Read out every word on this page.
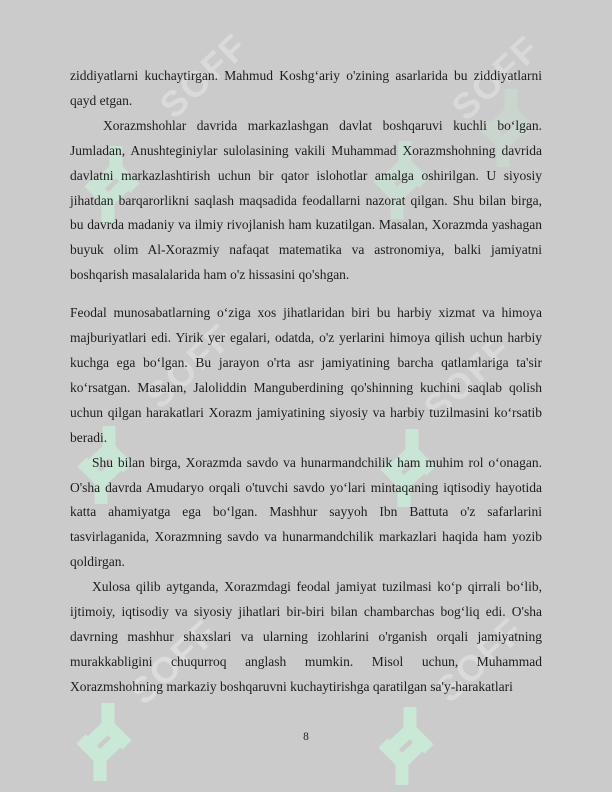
SOFF	SOFF
SOFF	SOFF
SOFF	SOFF

ziddiyatlarni kuchaytirgan. Mahmud Koshg‘ariy o'zining asarlarida bu ziddiyatlarni qayd etgan.

Xorazmshohlar davrida markazlashgan davlat boshqaruvi kuchli bo‘lgan. Jumladan, Anushteginiylar sulolasining vakili Muhammad Xorazmshohning davrida davlatni markazlashtirish uchun bir qator islohotlar amalga oshirilgan. U siyosiy jihatdan barqarorlikni saqlash maqsadida feodallarni nazorat qilgan. Shu bilan birga, bu davrda madaniy va ilmiy rivojlanish ham kuzatilgan. Masalan, Xorazmda yashagan buyuk olim Al-Xorazmiy nafaqat matematika va astronomiya, balki jamiyatni boshqarish masalalarida ham o'z hissasini qo'shgan.

Feodal munosabatlarning o‘ziga xos jihatlaridan biri bu harbiy xizmat va himoya majburiyatlari edi. Yirik yer egalari, odatda, o'z yerlarini himoya qilish uchun harbiy kuchga ega bo‘lgan. Bu jarayon o'rta asr jamiyatining barcha qatlamlariga ta'sir ko‘rsatgan. Masalan, Jaloliddin Manguberdining qo'shinning kuchini saqlab qolish uchun qilgan harakatlari Xorazm jamiyatining siyosiy va harbiy tuzilmasini ko‘rsatib beradi.

Shu bilan birga, Xorazmda savdo va hunarmandchilik ham muhim rol o‘onagan. O'sha davrda Amudaryo orqali o'tuvchi savdo yo‘lari mintaqaning iqtisodiy hayotida katta ahamiyatga ega bo‘lgan. Mashhur sayyoh Ibn Battuta o'z safarlarini tasvirlaganida, Xorazmning savdo va hunarmandchilik markazlari haqida ham yozib qoldirgan.

Xulosa qilib aytganda, Xorazmdagi feodal jamiyat tuzilmasi ko‘p qirrali bo‘lib, ijtimoiy, iqtisodiy va siyosiy jihatlari bir-biri bilan chambarchas bog‘liq edi. O'sha davrning mashhur shaxslari va ularning izohlarini o'rganish orqali jamiyatning murakkabligini chuqurroq anglash mumkin. Misol uchun, Muhammad Xorazmshohning markaziy boshqaruvni kuchaytirishga qaratilgan sa'y-harakatlari

8
